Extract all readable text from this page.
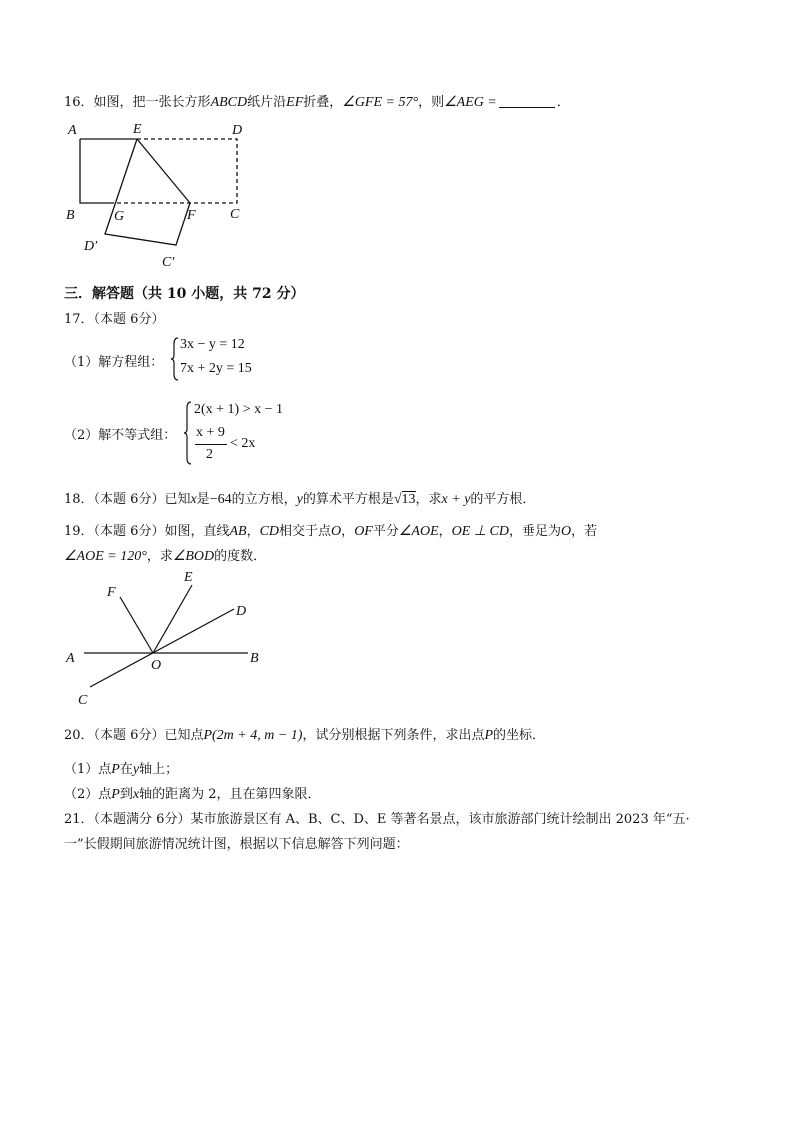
16．如图，把一张长方形ABCD纸片沿EF折叠，∠GFE = 57°，则∠AEG =	．
A	E	D
B	G	F C
D′
C′
三．解答题（共 10 小题，共 72 分）
17．（本题 6分）
（1）解方程组：
3x − y = 12
7x + 2y = 15
（2）解不等式组：
2(x + 1) > x − 1
x + 9
2
< 2x
18．（本题 6分）已知x是−64的立方根，y的算术平方根是√13，求x + y的平方根．
19．（本题 6分）如图，直线AB，CD相交于点O，OF平分∠AOE，OE ⊥ CD，垂足为O，若
∠AOE = 120°，求∠BOD的度数．
F
E
D
A	O	B
C
20．（本题 6分）已知点P(2m + 4, m − 1)，试分别根据下列条件，求出点P的坐标．
（1）点P在y轴上；
（2）点P到x轴的距离为 2，且在第四象限．
21．（本题满分 6分）某市旅游景区有 A、B、C、D、E 等著名景点，该市旅游部门统计绘制出 2023 年“五·
一”长假期间旅游情况统计图，根据以下信息解答下列问题：
